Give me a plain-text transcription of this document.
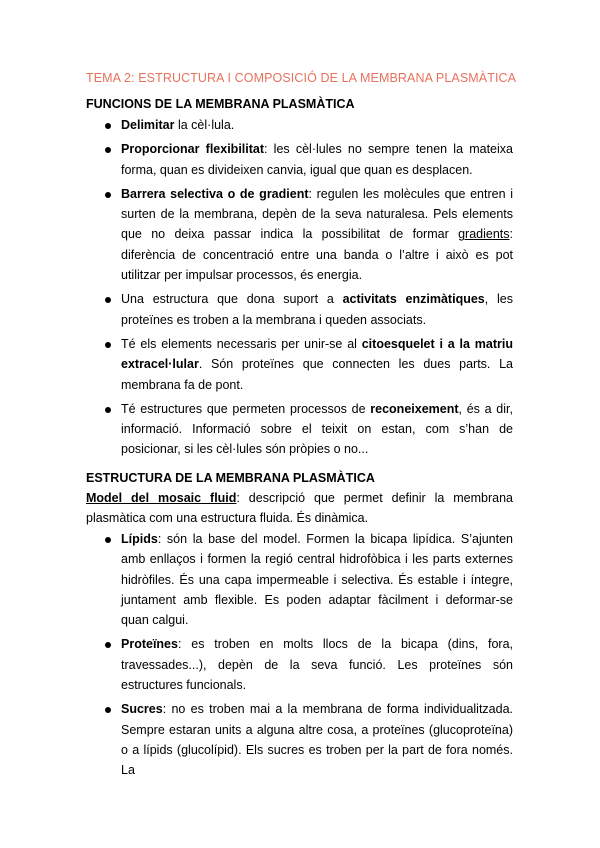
TEMA 2: ESTRUCTURA I COMPOSICIÓ DE LA MEMBRANA PLASMÀTICA
FUNCIONS DE LA MEMBRANA PLASMÀTICA
Delimitar la cèl·lula.
Proporcionar flexibilitat: les cèl·lules no sempre tenen la mateixa forma, quan es divideixen canvia, igual que quan es desplacen.
Barrera selectiva o de gradient: regulen les molècules que entren i surten de la membrana, depèn de la seva naturalesa. Pels elements que no deixa passar indica la possibilitat de formar gradients: diferència de concentració entre una banda o l’altre i això es pot utilitzar per impulsar processos, és energia.
Una estructura que dona suport a activitats enzimàtiques, les proteïnes es troben a la membrana i queden associats.
Té els elements necessaris per unir-se al citoesquelet i a la matriu extracel·lular. Són proteïnes que connecten les dues parts. La membrana fa de pont.
Té estructures que permeten processos de reconeixement, és a dir, informació. Informació sobre el teixit on estan, com s’han de posicionar, si les cèl·lules són pròpies o no...
ESTRUCTURA DE LA MEMBRANA PLASMÀTICA
Model del mosaic fluid: descripció que permet definir la membrana plasmàtica com una estructura fluida. És dinàmica.
Lípids: són la base del model. Formen la bicapa lipídica. S’ajunten amb enllaços i formen la regió central hidrofòbica i les parts externes hidròfiles. És una capa impermeable i selectiva. És estable i íntegre, juntament amb flexible. Es poden adaptar fàcilment i deformar-se quan calgui.
Proteïnes: es troben en molts llocs de la bicapa (dins, fora, travessades...), depèn de la seva funció. Les proteïnes són estructures funcionals.
Sucres: no es troben mai a la membrana de forma individualitzada. Sempre estaran units a alguna altre cosa, a proteïnes (glucoproteïna) o a lípids (glucolípid). Els sucres es troben per la part de fora només. La
